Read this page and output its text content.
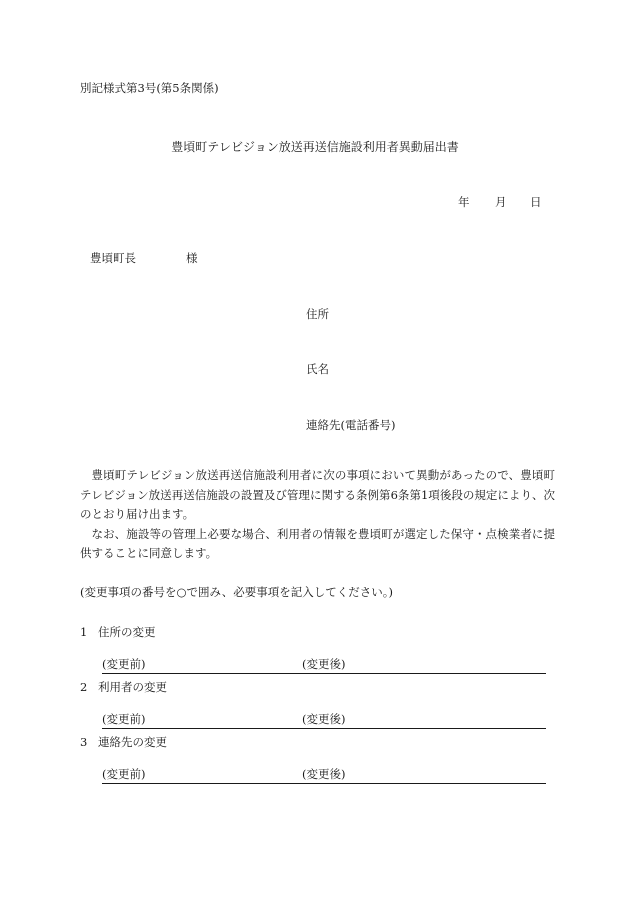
別記様式第3号(第5条関係)
豊頃町テレビジョン放送再送信施設利用者異動届出書
年 月 日
豊頃町長	様
住所
氏名
連絡先(電話番号)

豊頃町テレビジョン放送再送信施設利用者に次の事項において異動があったので、豊頃町テレビジョン放送再送信施設の設置及び管理に関する条例第6条第1項後段の規定により、次のとおり届け出ます。

なお、施設等の管理上必要な場合、利用者の情報を豊頃町が選定した保守・点検業者に提供することに同意します。

(変更事項の番号を○で囲み、必要事項を記入してください。)
1 住所の変更
(変更前)	(変更後)
2 利用者の変更
(変更前)	(変更後)
3 連絡先の変更
(変更前)	(変更後)
